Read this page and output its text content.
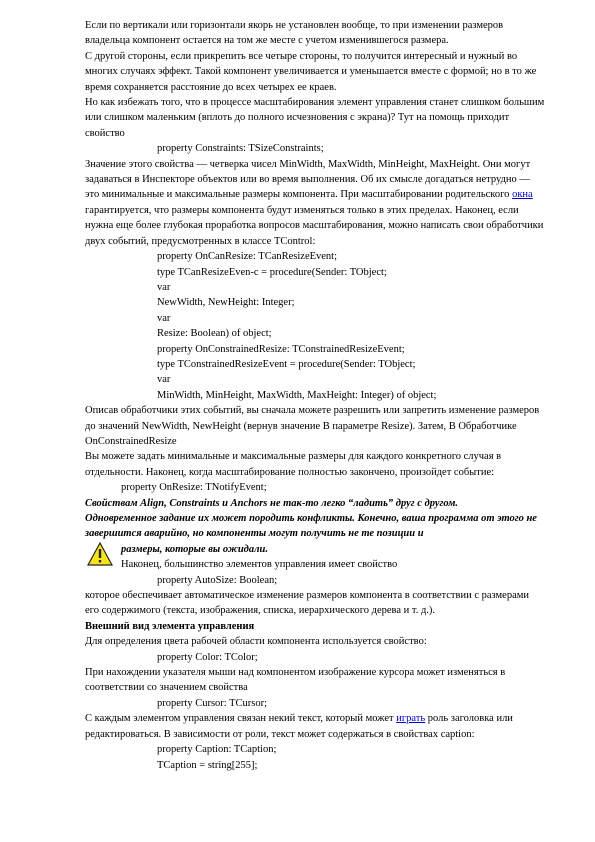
Если по вертикали или горизонтали якорь не установлен вообще, то при изменении размеров владельца компонент остается на том же месте с учетом изменившегося размера.

С другой стороны, если прикрепить все четыре стороны, то получится интересный и нужный во многих случаях эффект. Такой компонент увеличивается и уменьшается вместе с формой; но в то же время сохраняется расстояние до всех четырех ее краев.

Но как избежать того, что в процессе масштабирования элемент управления станет слишком большим или слишком маленьким (вплоть до полного исчезновения с экрана)? Тут на помощь приходит свойство

property Constraints: TSizeConstraints;

Значение этого свойства — четверка чисел MinWidth, MaxWidth, MinHeight, MaxHeight. Они могут задаваться в Инспекторе объектов или во время выполнения. Об их смысле догадаться нетрудно — это минимальные и максимальные размеры компонента. При масштабировании родительского окна гарантируется, что размеры компонента будут изменяться только в этих пределах. Наконец, если нужна еще более глубокая проработка вопросов масштабирования, можно написать свои обработчики двух событий, предусмотренных в классе TControl:

property OnCanResize: TCanResizeEvent;

type TCanResizeEven-c = procedure(Sender: TObject;

var

NewWidth, NewHeight: Integer;

var

Resize: Boolean) of object;

property OnConstrainedResize: TConstrainedResizeEvent;

type TConstrainedResizeEvent = procedure(Sender: TObject;

var

MinWidth, MinHeight, MaxWidth, MaxHeight: Integer) of object;

Описав обработчики этих событий, вы сначала можете разрешить или запретить изменение размеров до значений NewWidth, NewHeight (вернув значение В параметре Resize). Затем, В Обработчике OnConstrainedResize

Вы можете задать минимальные и максимальные размеры для каждого конкретного случая в отдельности. Наконец, когда масштабирование полностью закончено, произойдет событие:

property OnResize: TNotifyEvent;

Свойствам Align, Constraints и Anchors не так-то легко “ладить” друг с другом.

Одновременное задание их может породить конфликты. Конечно, ваша программа от этого не завершится аварийно, но компоненты могут получить не те позиции и

размеры, которые вы ожидали.

Наконец, большинство элементов управления имеет свойство

property AutoSize: Boolean;

которое обеспечивает автоматическое изменение размеров компонента в соответствии с размерами его содержимого (текста, изображения, списка, иерархического дерева и т. д.).

Внешний вид элемента управления

Для определения цвета рабочей области компонента используется свойство:

property Color: TColor;

При нахождении указателя мыши над компонентом изображение курсора может изменяться в соответствии со значением свойства

property Cursor: TCursor;

С каждым элементом управления связан некий текст, который может играть роль заголовка или редактироваться. В зависимости от роли, текст может содержаться в свойствах caption:

property Caption: TCaption;

TCaption = string[255];
